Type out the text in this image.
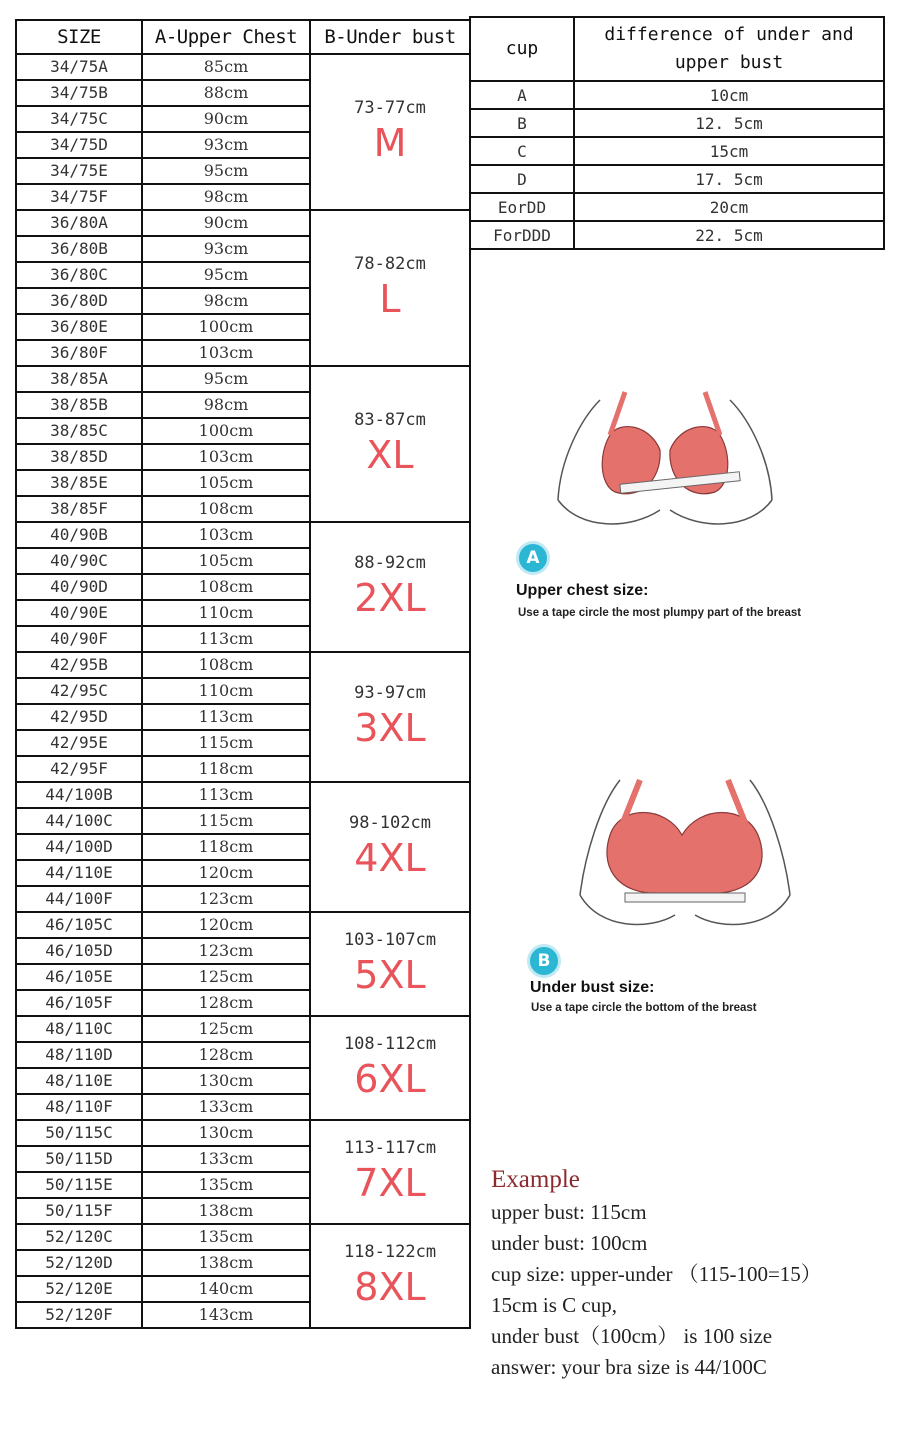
SIZE	A-Upper Chest	B-Under bust
34/75A	85cm	73-77cm
M

34/75B	88cm	
34/75C	90cm	
34/75D	93cm	
34/75E	95cm	
34/75F	98cm	
36/80A	90cm	78-82cm
L

36/80B	93cm	
36/80C	95cm	
36/80D	98cm	
36/80E	100cm	
36/80F	103cm	
38/85A	95cm	83-87cm
XL

38/85B	98cm	
38/85C	100cm	
38/85D	103cm	
38/85E	105cm	
38/85F	108cm	
40/90B	103cm	88-92cm
2XL

40/90C	105cm	
40/90D	108cm	
40/90E	110cm	
40/90F	113cm	
42/95B	108cm	93-97cm
3XL

42/95C	110cm	
42/95D	113cm	
42/95E	115cm	
42/95F	118cm	
44/100B	113cm	98-102cm
4XL

44/100C	115cm	
44/100D	118cm	
44/110E	120cm	
44/100F	123cm	
46/105C	120cm	103-107cm
5XL

46/105D	123cm	
46/105E	125cm	
46/105F	128cm	
48/110C	125cm	108-112cm
6XL

48/110D	128cm	
48/110E	130cm	
48/110F	133cm	
50/115C	130cm	113-117cm
7XL

50/115D	133cm	
50/115E	135cm	
50/115F	138cm	
52/120C	135cm	118-122cm
8XL

52/120D	138cm	
52/120E	140cm	
52/120F	143cm	
cup	difference of under and upper bust
A	10cm
B	12. 5cm
C	15cm
D	17. 5cm
EorDD	20cm
ForDDD	22. 5cm
A
Upper chest size:
Use a tape circle the most plumpy part of the breast
B
Under bust size:
Use a tape circle the bottom of the breast
Example
upper bust: 115cm
under bust: 100cm
cup size: upper-under （115-100=15）
15cm is C cup,
under bust（100cm） is 100 size
answer: your bra size is 44/100C
